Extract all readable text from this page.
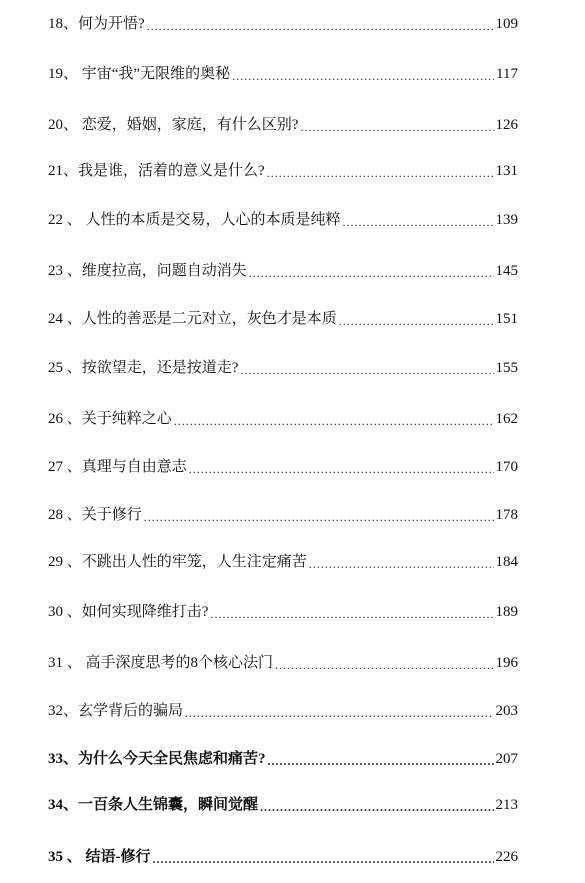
18、 何为开悟? .....	109
19、 宇宙“我”无限维的奥秘 .....	117
20、 恋爱，婚姻，家庭，有什么区别? .....	126
21、 我是谁，活着的意义是什么? .....	131
22 、 人性的本质是交易，人心的本质是纯粹 .....	139
23 、 维度拉高，问题自动消失 .....	145
24 、 人性的善恶是二元对立，灰色才是本质 .....	151
25 、 按欲望走，还是按道走? .....	155
26 、 关于纯粹之心 .....	162
27 、 真理与自由意志 .....	170
28 、 关于修行 .....	178
29 、 不跳出人性的牢笼，人生注定痛苦 .....	184
30 、 如何实现降维打击? .....	189
31 、 高手深度思考的8个核心法门 .....	196
32、 玄学背后的骗局 .....	203
33、 为什么今天全民焦虑和痛苦? .....	207
34、 一百条人生锦囊，瞬间觉醒 .....	213
35 、 结语-修行 .....	226
